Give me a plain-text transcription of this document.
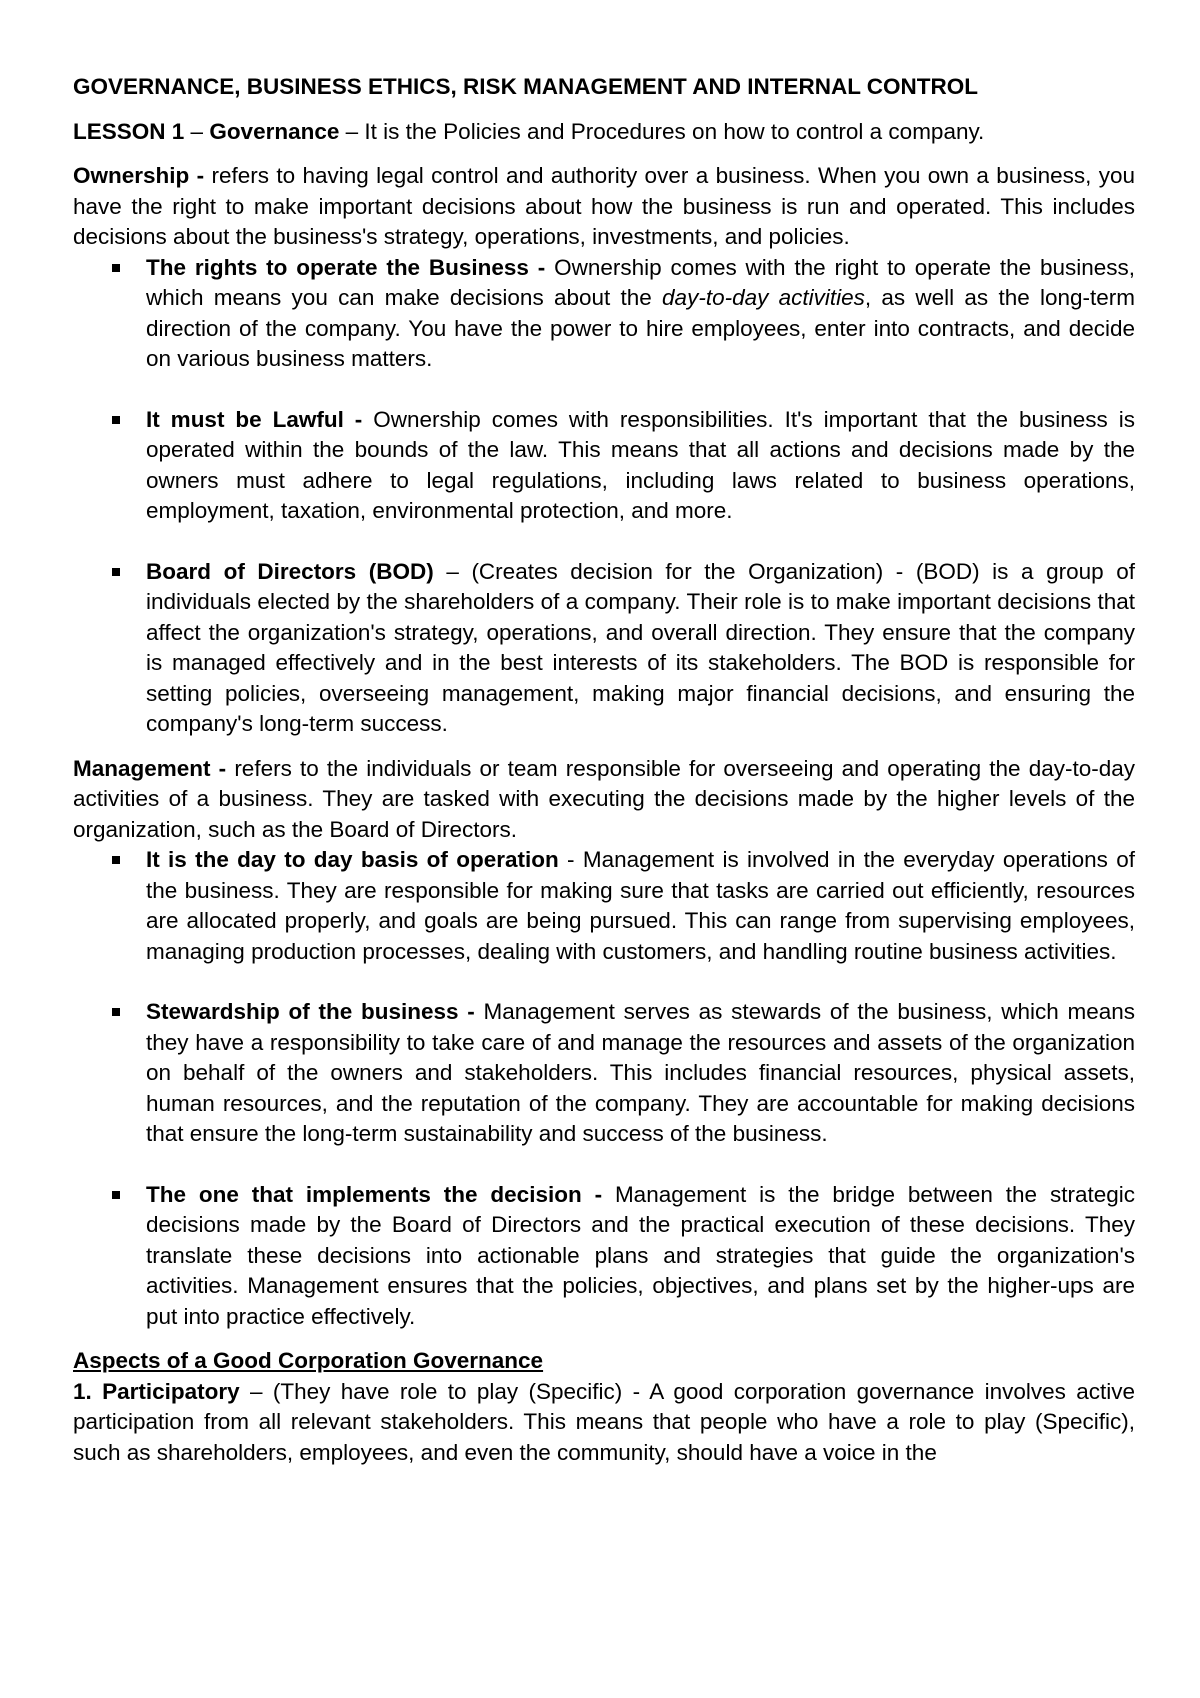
GOVERNANCE, BUSINESS ETHICS, RISK MANAGEMENT AND INTERNAL CONTROL

LESSON 1 – Governance – It is the Policies and Procedures on how to control a company.

Ownership - refers to having legal control and authority over a business. When you own a business, you have the right to make important decisions about how the business is run and operated. This includes decisions about the business's strategy, operations, investments, and policies.

The rights to operate the Business - Ownership comes with the right to operate the business, which means you can make decisions about the day-to-day activities, as well as the long-term direction of the company. You have the power to hire employees, enter into contracts, and decide on various business matters.
It must be Lawful - Ownership comes with responsibilities. It's important that the business is operated within the bounds of the law. This means that all actions and decisions made by the owners must adhere to legal regulations, including laws related to business operations, employment, taxation, environmental protection, and more.
Board of Directors (BOD) – (Creates decision for the Organization) - (BOD) is a group of individuals elected by the shareholders of a company. Their role is to make important decisions that affect the organization's strategy, operations, and overall direction. They ensure that the company is managed effectively and in the best interests of its stakeholders. The BOD is responsible for setting policies, overseeing management, making major financial decisions, and ensuring the company's long-term success.

Management - refers to the individuals or team responsible for overseeing and operating the day-to-day activities of a business. They are tasked with executing the decisions made by the higher levels of the organization, such as the Board of Directors.

It is the day to day basis of operation - Management is involved in the everyday operations of the business. They are responsible for making sure that tasks are carried out efficiently, resources are allocated properly, and goals are being pursued. This can range from supervising employees, managing production processes, dealing with customers, and handling routine business activities.
Stewardship of the business - Management serves as stewards of the business, which means they have a responsibility to take care of and manage the resources and assets of the organization on behalf of the owners and stakeholders. This includes financial resources, physical assets, human resources, and the reputation of the company. They are accountable for making decisions that ensure the long-term sustainability and success of the business.
The one that implements the decision - Management is the bridge between the strategic decisions made by the Board of Directors and the practical execution of these decisions. They translate these decisions into actionable plans and strategies that guide the organization's activities. Management ensures that the policies, objectives, and plans set by the higher-ups are put into practice effectively.

Aspects of a Good Corporation Governance

1. Participatory – (They have role to play (Specific) - A good corporation governance involves active participation from all relevant stakeholders. This means that people who have a role to play (Specific), such as shareholders, employees, and even the community, should have a voice in the
